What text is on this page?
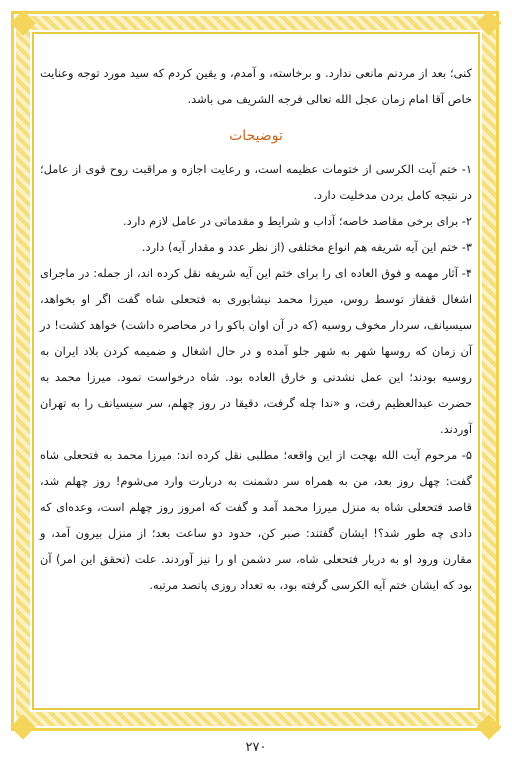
کنی؛ بعد از مردنم مانعی ندارد. و برخاسته، و آمدم، و یقین کردم که سید مورد توجه وعنایت خاص آقا امام زمان عجل الله تعالی فرجه الشریف می باشد.

توضیحات

۱- ختم آیت الکرسی از ختومات عظیمه است، و رعایت اجازه و مراقبت روح قوی از عامل؛ در نتیجه کامل بردن مدخلیت دارد.

۲- برای برخی مقاصد خاصه؛ آداب و شرایط و مقدماتی در عامل لازم دارد.

۳- ختم این آیه شریفه هم انواع مختلفی (از نظر عدد و مقدار آیه) دارد.

۴- آثار مهمه و فوق العاده ای را برای ختم این آیه شریفه نقل کرده اند، از جمله: در ماجرای اشغال قفقاز توسط روس، میرزا محمد نیشابوری به فتحعلی شاه گفت اگر او بخواهد، سیسیانف، سردار مخوف روسیه (که در آن اوان باکو را در محاصره داشت) خواهد کشت! در آن زمان که روسها شهر به شهر جلو آمده و در حال اشغال و ضمیمه کردن بلاد ایران به روسیه بودند؛ این عمل نشدنی و خارق العاده بود. شاه درخواست نمود. میرزا محمد به حضرت عبدالعظیم رفت، و «ندا چله گرفت، دقیقا در روز چهلم، سر سیسیانف را به تهران آوردند.

۵- مرحوم آیت الله بهجت از این واقعه؛ مطلبی نقل کرده اند: میرزا محمد به فتحعلی شاه گفت: چهل روز بعد، من به همراه سر دشمنت به دربارت وارد می‌شوم! روز چهلم شد، قاصد فتحعلی شاه به منزل میرزا محمد آمد و گفت که امروز روز چهلم است، وعده‌ای که دادی چه طور شد؟! ایشان گفتند: صبر کن، حدود دو ساعت بعد؛ از منزل بیرون آمد، و مقارن ورود او به دربار فتحعلی شاه، سر دشمن او را نیز آوردند. علت (تحقق این امر) آن بود که ایشان ختم آیه الکرسی گرفته بود، به تعداد روزی پانصد مرتبه.

۲۷۰
